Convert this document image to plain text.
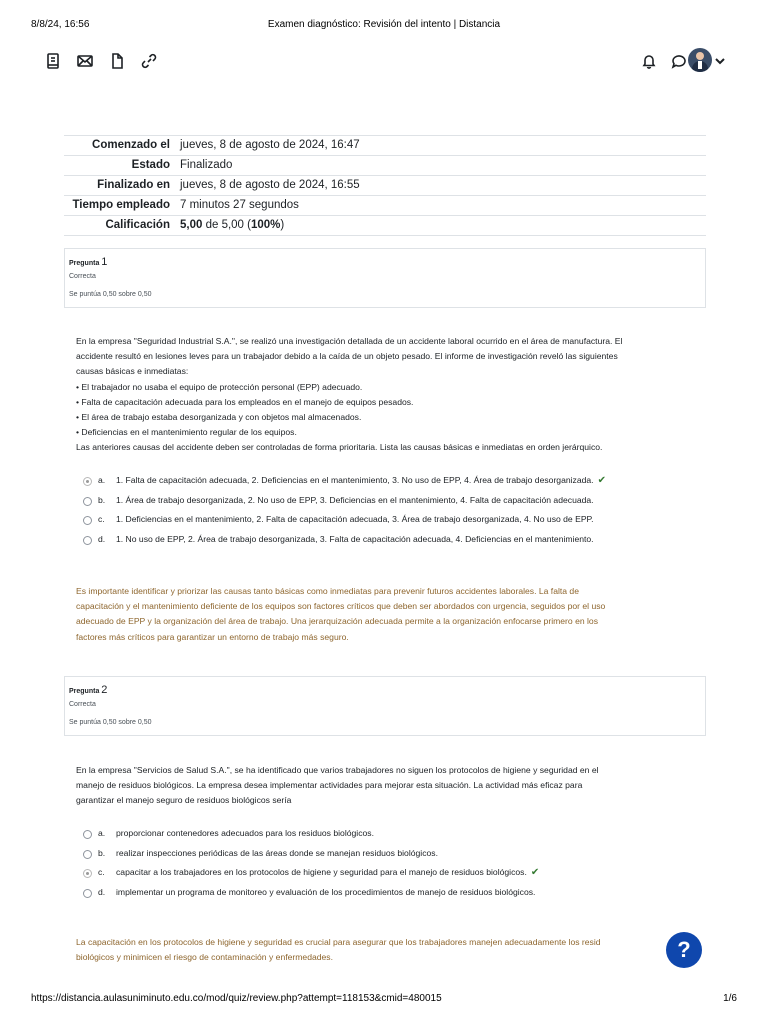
8/8/24, 16:56	Examen diagnóstico: Revisión del intento | Distancia
Comenzado el	jueves, 8 de agosto de 2024, 16:47
Estado	Finalizado
Finalizado en	jueves, 8 de agosto de 2024, 16:55
Tiempo empleado	7 minutos 27 segundos
Calificación	5,00 de 5,00 (100%)
Pregunta 1
Correcta
Se puntúa 0,50 sobre 0,50

En la empresa "Seguridad Industrial S.A.", se realizó una investigación detallada de un accidente laboral ocurrido en el área de manufactura. El

accidente resultó en lesiones leves para un trabajador debido a la caída de un objeto pesado. El informe de investigación reveló las siguientes

causas básicas e inmediatas:

• El trabajador no usaba el equipo de protección personal (EPP) adecuado.

• Falta de capacitación adecuada para los empleados en el manejo de equipos pesados.

• El área de trabajo estaba desorganizada y con objetos mal almacenados.

• Deficiencias en el mantenimiento regular de los equipos.

Las anteriores causas del accidente deben ser controladas de forma prioritaria. Lista las causas básicas e inmediatas en orden jerárquico.

a. 1. Falta de capacitación adecuada, 2. Deficiencias en el mantenimiento, 3. No uso de EPP, 4. Área de trabajo desorganizada. ✔
b. 1. Área de trabajo desorganizada, 2. No uso de EPP, 3. Deficiencias en el mantenimiento, 4. Falta de capacitación adecuada.
c. 1. Deficiencias en el mantenimiento, 2. Falta de capacitación adecuada, 3. Área de trabajo desorganizada, 4. No uso de EPP.
d. 1. No uso de EPP, 2. Área de trabajo desorganizada, 3. Falta de capacitación adecuada, 4. Deficiencias en el mantenimiento.
Es importante identificar y priorizar las causas tanto básicas como inmediatas para prevenir futuros accidentes laborales. La falta de
capacitación y el mantenimiento deficiente de los equipos son factores críticos que deben ser abordados con urgencia, seguidos por el uso
adecuado de EPP y la organización del área de trabajo. Una jerarquización adecuada permite a la organización enfocarse primero en los
factores más críticos para garantizar un entorno de trabajo más seguro.
Pregunta 2
Correcta
Se puntúa 0,50 sobre 0,50

En la empresa "Servicios de Salud S.A.", se ha identificado que varios trabajadores no siguen los protocolos de higiene y seguridad en el

manejo de residuos biológicos. La empresa desea implementar actividades para mejorar esta situación. La actividad más eficaz para

garantizar el manejo seguro de residuos biológicos sería

a. proporcionar contenedores adecuados para los residuos biológicos.
b. realizar inspecciones periódicas de las áreas donde se manejan residuos biológicos.
c. capacitar a los trabajadores en los protocolos de higiene y seguridad para el manejo de residuos biológicos. ✔
d. implementar un programa de monitoreo y evaluación de los procedimientos de manejo de residuos biológicos.
La capacitación en los protocolos de higiene y seguridad es crucial para asegurar que los trabajadores manejen adecuadamente los resid
biológicos y minimicen el riesgo de contaminación y enfermedades.	?
https://distancia.aulasuniminuto.edu.co/mod/quiz/review.php?attempt=118153&cmid=480015	1/6
